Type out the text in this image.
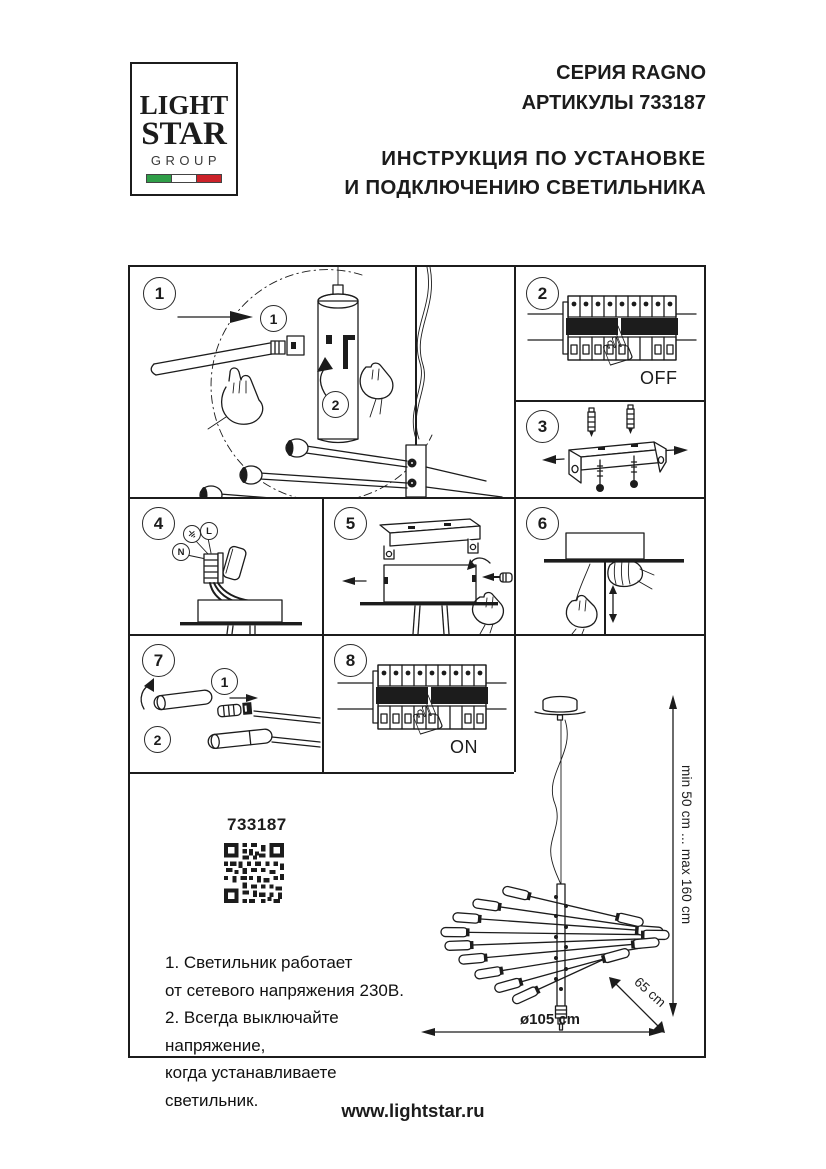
LIGHT
STAR
GROUP
СЕРИЯ RAGNO
АРТИКУЛЫ 733187
ИНСТРУКЦИЯ ПО УСТАНОВКЕ
И ПОДКЛЮЧЕНИЮ СВЕТИЛЬНИКА
1
1
2
☝
OFF
2
3
N
L
4	5	6
1
2
7
☝
ON
8
733187
1. Светильник работает
от сетевого напряжения 230В.
2. Всегда выключайте напряжение,
когда устанавливаете светильник.
min 50 cm ... max 160 cm
65 cm
ø105 cm
www.lightstar.ru
